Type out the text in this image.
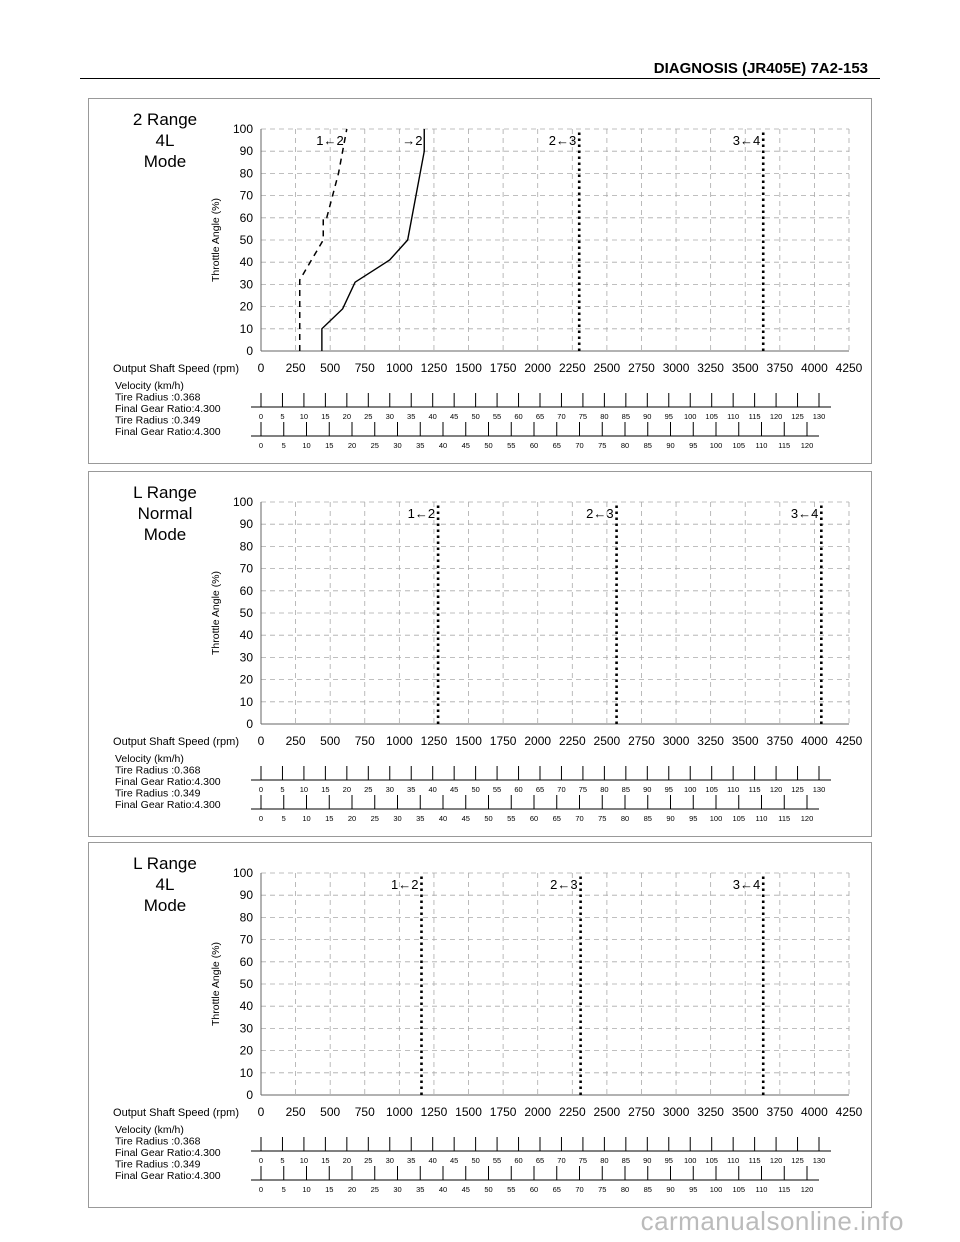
DIAGNOSIS (JR405E) 7A2-153
2 Range
4L
Mode
0
10
20
30
40
50
60
70
80
90
100
Throttle Angle (%)
0 250 500 750 1000 1250 1500 1750 2000 2250 2500 2750 3000 3250 3500 3750 4000 4250
Output Shaft Speed (rpm)
Velocity (km/h)
Tire Radius :0.368
Final Gear Ratio:4.300
Tire Radius :0.349
Final Gear Ratio:4.300
0 5 10 15 20 25 30 35 40 45 50 55 60 65 70 75 80 85 90 95 100 105 110 115 120 125 130
0 5 10 15 20 25 30 35 40 45 50 55 60 65 70 75 80 85 90 95 100 105 110 115 120
1←2	→2	2←3	3←4
L Range
Normal
Mode
0
10
20
30
40
50
60
70
80
90
100
Throttle Angle (%)
0 250 500 750 1000 1250 1500 1750 2000 2250 2500 2750 3000 3250 3500 3750 4000 4250
Output Shaft Speed (rpm)
Velocity (km/h)
Tire Radius :0.368
Final Gear Ratio:4.300
Tire Radius :0.349
Final Gear Ratio:4.300
0 5 10 15 20 25 30 35 40 45 50 55 60 65 70 75 80 85 90 95 100 105 110 115 120 125 130
0 5 10 15 20 25 30 35 40 45 50 55 60 65 70 75 80 85 90 95 100 105 110 115 120
1←2	2←3	3←4
L Range
4L
Mode
0
10
20
30
40
50
60
70
80
90
100
Throttle Angle (%)
0 250 500 750 1000 1250 1500 1750 2000 2250 2500 2750 3000 3250 3500 3750 4000 4250
Output Shaft Speed (rpm)
Velocity (km/h)
Tire Radius :0.368
Final Gear Ratio:4.300
Tire Radius :0.349
Final Gear Ratio:4.300
0 5 10 15 20 25 30 35 40 45 50 55 60 65 70 75 80 85 90 95 100 105 110 115 120 125 130
0 5 10 15 20 25 30 35 40 45 50 55 60 65 70 75 80 85 90 95 100 105 110 115 120
1←2	2←3	3←4
carmanualsonline.info
